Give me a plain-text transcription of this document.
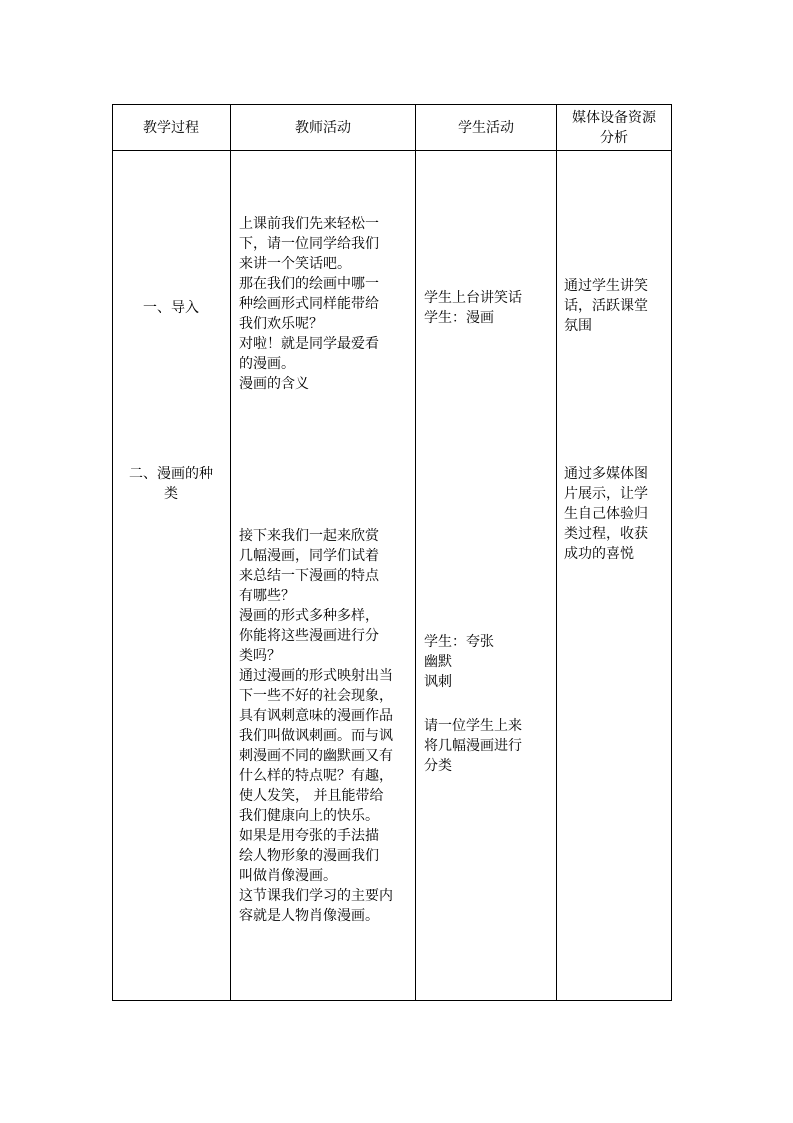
教学过程	教师活动	学生活动
媒体设备资源
分析
一、导入
二、漫画的种
类
上课前我们先来轻松一
下，请一位同学给我们
来讲一个笑话吧。
那在我们的绘画中哪一
种绘画形式同样能带给
我们欢乐呢？
对啦！就是同学最爱看
的漫画。
漫画的含义
接下来我们一起来欣赏
几幅漫画，同学们试着
来总结一下漫画的特点
有哪些？
漫画的形式多种多样，
你能将这些漫画进行分
类吗？
通过漫画的形式映射出当
下一些不好的社会现象，
具有讽刺意味的漫画作品
我们叫做讽刺画。而与讽
刺漫画不同的幽默画又有
什么样的特点呢？有趣，
使人发笑， 并且能带给
我们健康向上的快乐。
如果是用夸张的手法描
绘人物形象的漫画我们
叫做肖像漫画。
这节课我们学习的主要内
容就是人物肖像漫画。
学生上台讲笑话
学生：漫画
学生：夸张
幽默
讽刺
请一位学生上来
将几幅漫画进行
分类
通过学生讲笑
话，活跃课堂
氛围
通过多媒体图
片展示，让学
生自己体验归
类过程，收获
成功的喜悦
